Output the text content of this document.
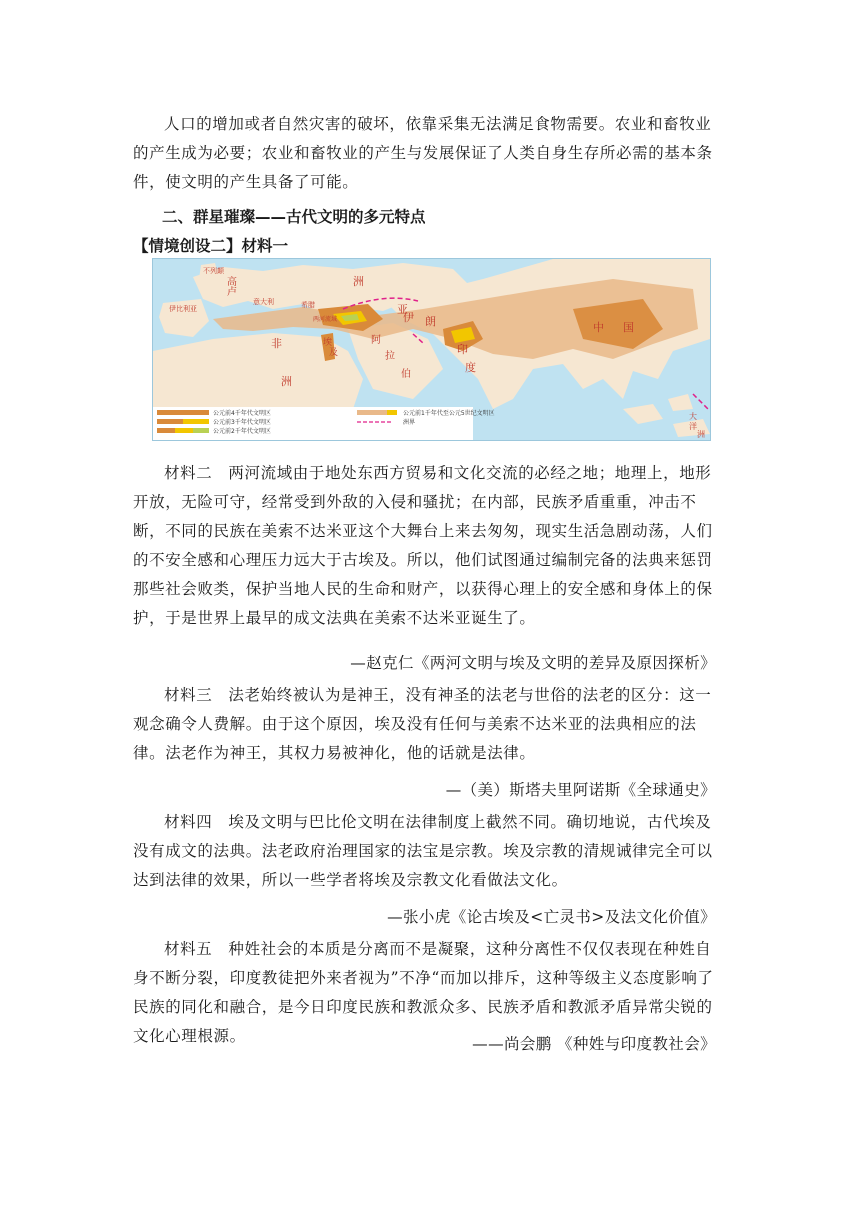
人口的增加或者自然灾害的破坏，依靠采集无法满足食物需要。农业和畜牧业的产生成为必要；农业和畜牧业的产生与发展保证了人类自身生存所必需的基本条件，使文明的产生具备了可能。

二、群星璀璨——古代文明的多元特点

【情境创设二】材料一

不列颠
高
卢
伊比利亚
意大利	希腊
非
洲
洲
亚
伊 朗
阿
拉
伯
埃
及
两河流域
印
度
中 国
大
洋
洲
公元前4千年代文明区
公元前3千年代文明区
公元前2千年代文明区
公元前1千年代至公元5世纪文明区
洲界

材料二　两河流域由于地处东西方贸易和文化交流的必经之地；地理上，地形开放，无险可守，经常受到外敌的入侵和骚扰；在内部，民族矛盾重重，冲击不断，不同的民族在美索不达米亚这个大舞台上来去匆匆，现实生活急剧动荡，人们的不安全感和心理压力远大于古埃及。所以，他们试图通过编制完备的法典来惩罚那些社会败类，保护当地人民的生命和财产，以获得心理上的安全感和身体上的保护，于是世界上最早的成文法典在美索不达米亚诞生了。

—赵克仁《两河文明与埃及文明的差异及原因探析》

材料三　法老始终被认为是神王，没有神圣的法老与世俗的法老的区分：这一观念确令人费解。由于这个原因，埃及没有任何与美索不达米亚的法典相应的法律。法老作为神王，其权力易被神化，他的话就是法律。

—（美）斯塔夫里阿诺斯《全球通史》

材料四　埃及文明与巴比伦文明在法律制度上截然不同。确切地说，古代埃及没有成文的法典。法老政府治理国家的法宝是宗教。埃及宗教的清规诫律完全可以达到法律的效果，所以一些学者将埃及宗教文化看做法文化。

—张小虎《论古埃及<亡灵书>及法文化价值》

材料五　种姓社会的本质是分离而不是凝聚，这种分离性不仅仅表现在种姓自身不断分裂，印度教徒把外来者视为”不净“而加以排斥，这种等级主义态度影响了民族的同化和融合，是今日印度民族和教派众多、民族矛盾和教派矛盾异常尖锐的文化心理根源。	——尚会鹏 《种姓与印度教社会》
